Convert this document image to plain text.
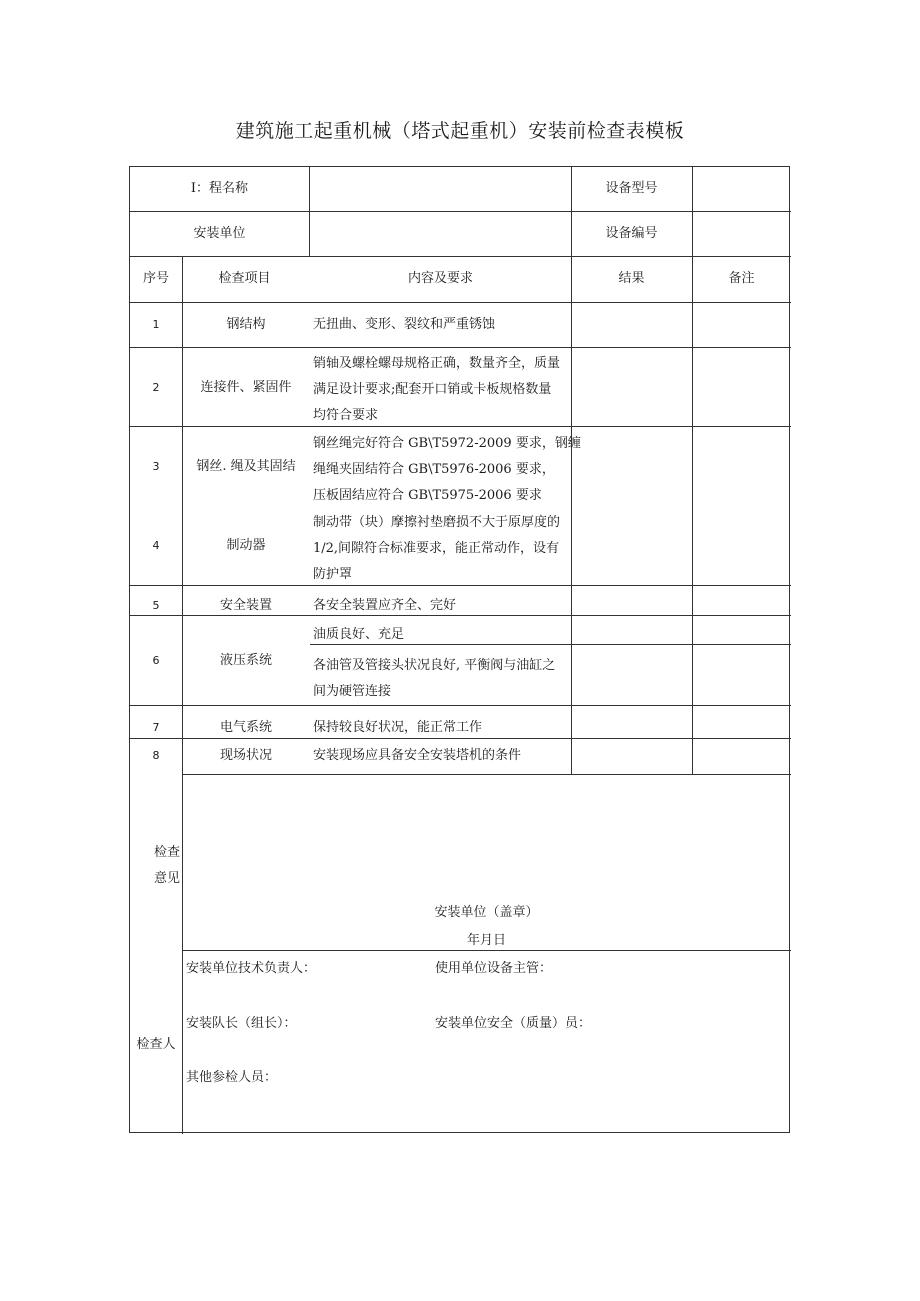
建筑施工起重机械（塔式起重机）安装前检查表模板
I：程名称	设备型号
安装单位	设备编号
序号	检查项目	内容及要求	结果	备注
1	钢结构	无扭曲、变形、裂纹和严重锈蚀
2	连接件、紧固件
销轴及螺栓螺母规格正确，数量齐全，质量
满足设计要求;配套开口销或卡板规格数量
均符合要求
3	钢丝. 绳及其固结
钢丝绳完好符合 GB\T5972-2009 要求，钢缠
绳绳夹固结符合 GB\T5976-2006 要求，
压板固结应符合 GB\T5975-2006 要求
4	制动器
制动带（块）摩擦衬垫磨损不大于原厚度的
1/2,间隙符合标准要求，能正常动作，设有
防护罩
5	安全装置	各安全装置应齐全、完好
6	液压系统
油质良好、充足
各油管及管接头状况良好, 平衡阀与油缸之
间为硬管连接
7	电气系统	保持较良好状况，能正常工作
8	现场状况	安装现场应具备安全安装塔机的条件
检查
意见
安装单位（盖章）
年月日
检查人
安装单位技术负责人：	使用单位设备主管：
安装队长（组长）：	安装单位安全（质量）员：
其他参检人员：
